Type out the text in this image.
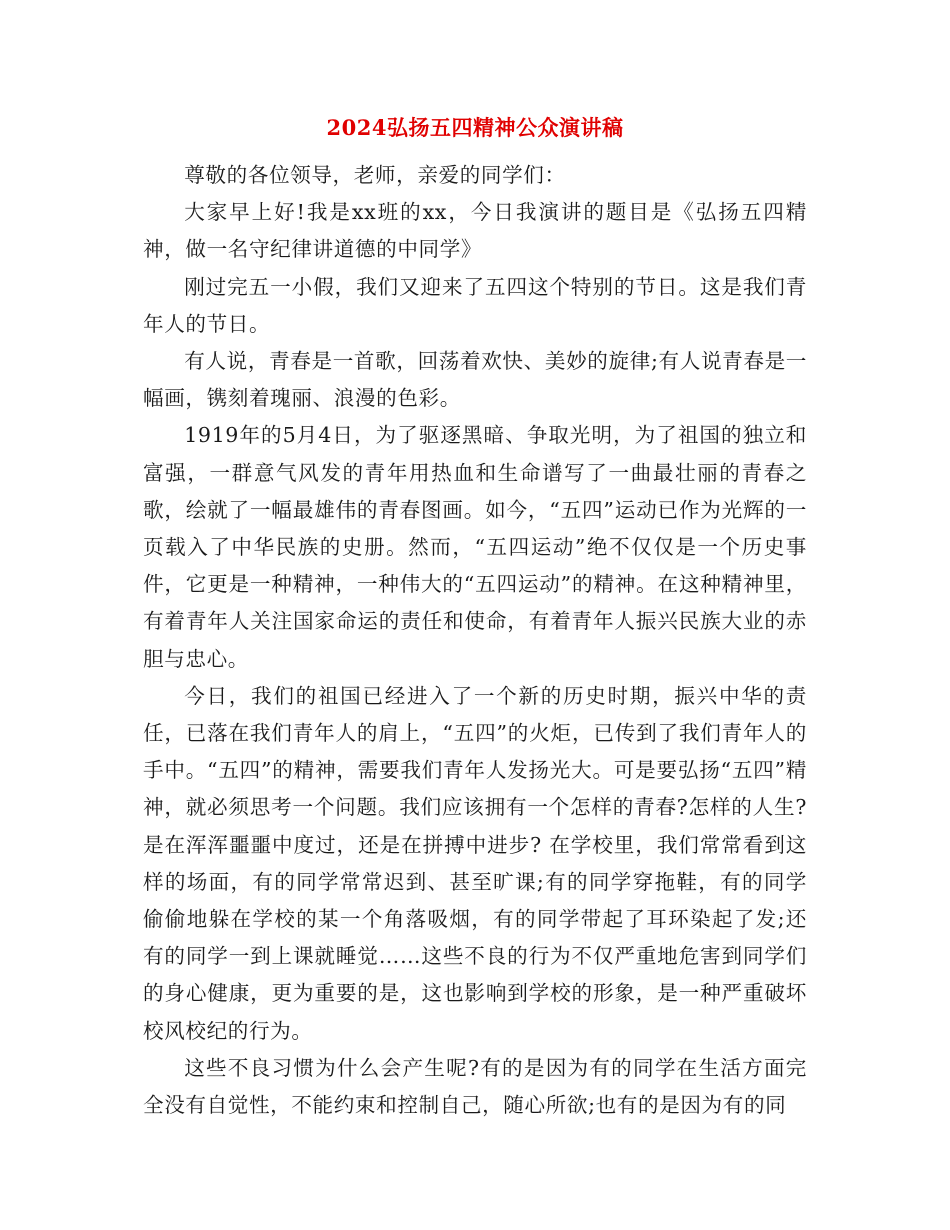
2024弘扬五四精神公众演讲稿

尊敬的各位领导，老师，亲爱的同学们：

大家早上好!我是xx班的xx，今日我演讲的题目是《弘扬五四精神，做一名守纪律讲道德的中同学》

刚过完五一小假，我们又迎来了五四这个特别的节日。这是我们青年人的节日。

有人说，青春是一首歌，回荡着欢快、美妙的旋律;有人说青春是一幅画，镌刻着瑰丽、浪漫的色彩。

1919年的5月4日，为了驱逐黑暗、争取光明，为了祖国的独立和富强，一群意气风发的青年用热血和生命谱写了一曲最壮丽的青春之歌，绘就了一幅最雄伟的青春图画。如今，“五四”运动已作为光辉的一页载入了中华民族的史册。然而，“五四运动”绝不仅仅是一个历史事件，它更是一种精神，一种伟大的“五四运动”的精神。在这种精神里，有着青年人关注国家命运的责任和使命，有着青年人振兴民族大业的赤胆与忠心。

今日，我们的祖国已经进入了一个新的历史时期，振兴中华的责任，已落在我们青年人的肩上，“五四”的火炬，已传到了我们青年人的手中。“五四”的精神，需要我们青年人发扬光大。可是要弘扬“五四”精神，就必须思考一个问题。我们应该拥有一个怎样的青春?怎样的人生?是在浑浑噩噩中度过，还是在拼搏中进步? 在学校里，我们常常看到这样的场面，有的同学常常迟到、甚至旷课;有的同学穿拖鞋，有的同学偷偷地躲在学校的某一个角落吸烟，有的同学带起了耳环染起了发;还有的同学一到上课就睡觉……这些不良的行为不仅严重地危害到同学们的身心健康，更为重要的是，这也影响到学校的形象，是一种严重破坏校风校纪的行为。

这些不良习惯为什么会产生呢?有的是因为有的同学在生活方面完全没有自觉性，不能约束和控制自己，随心所欲;也有的是因为有的同
